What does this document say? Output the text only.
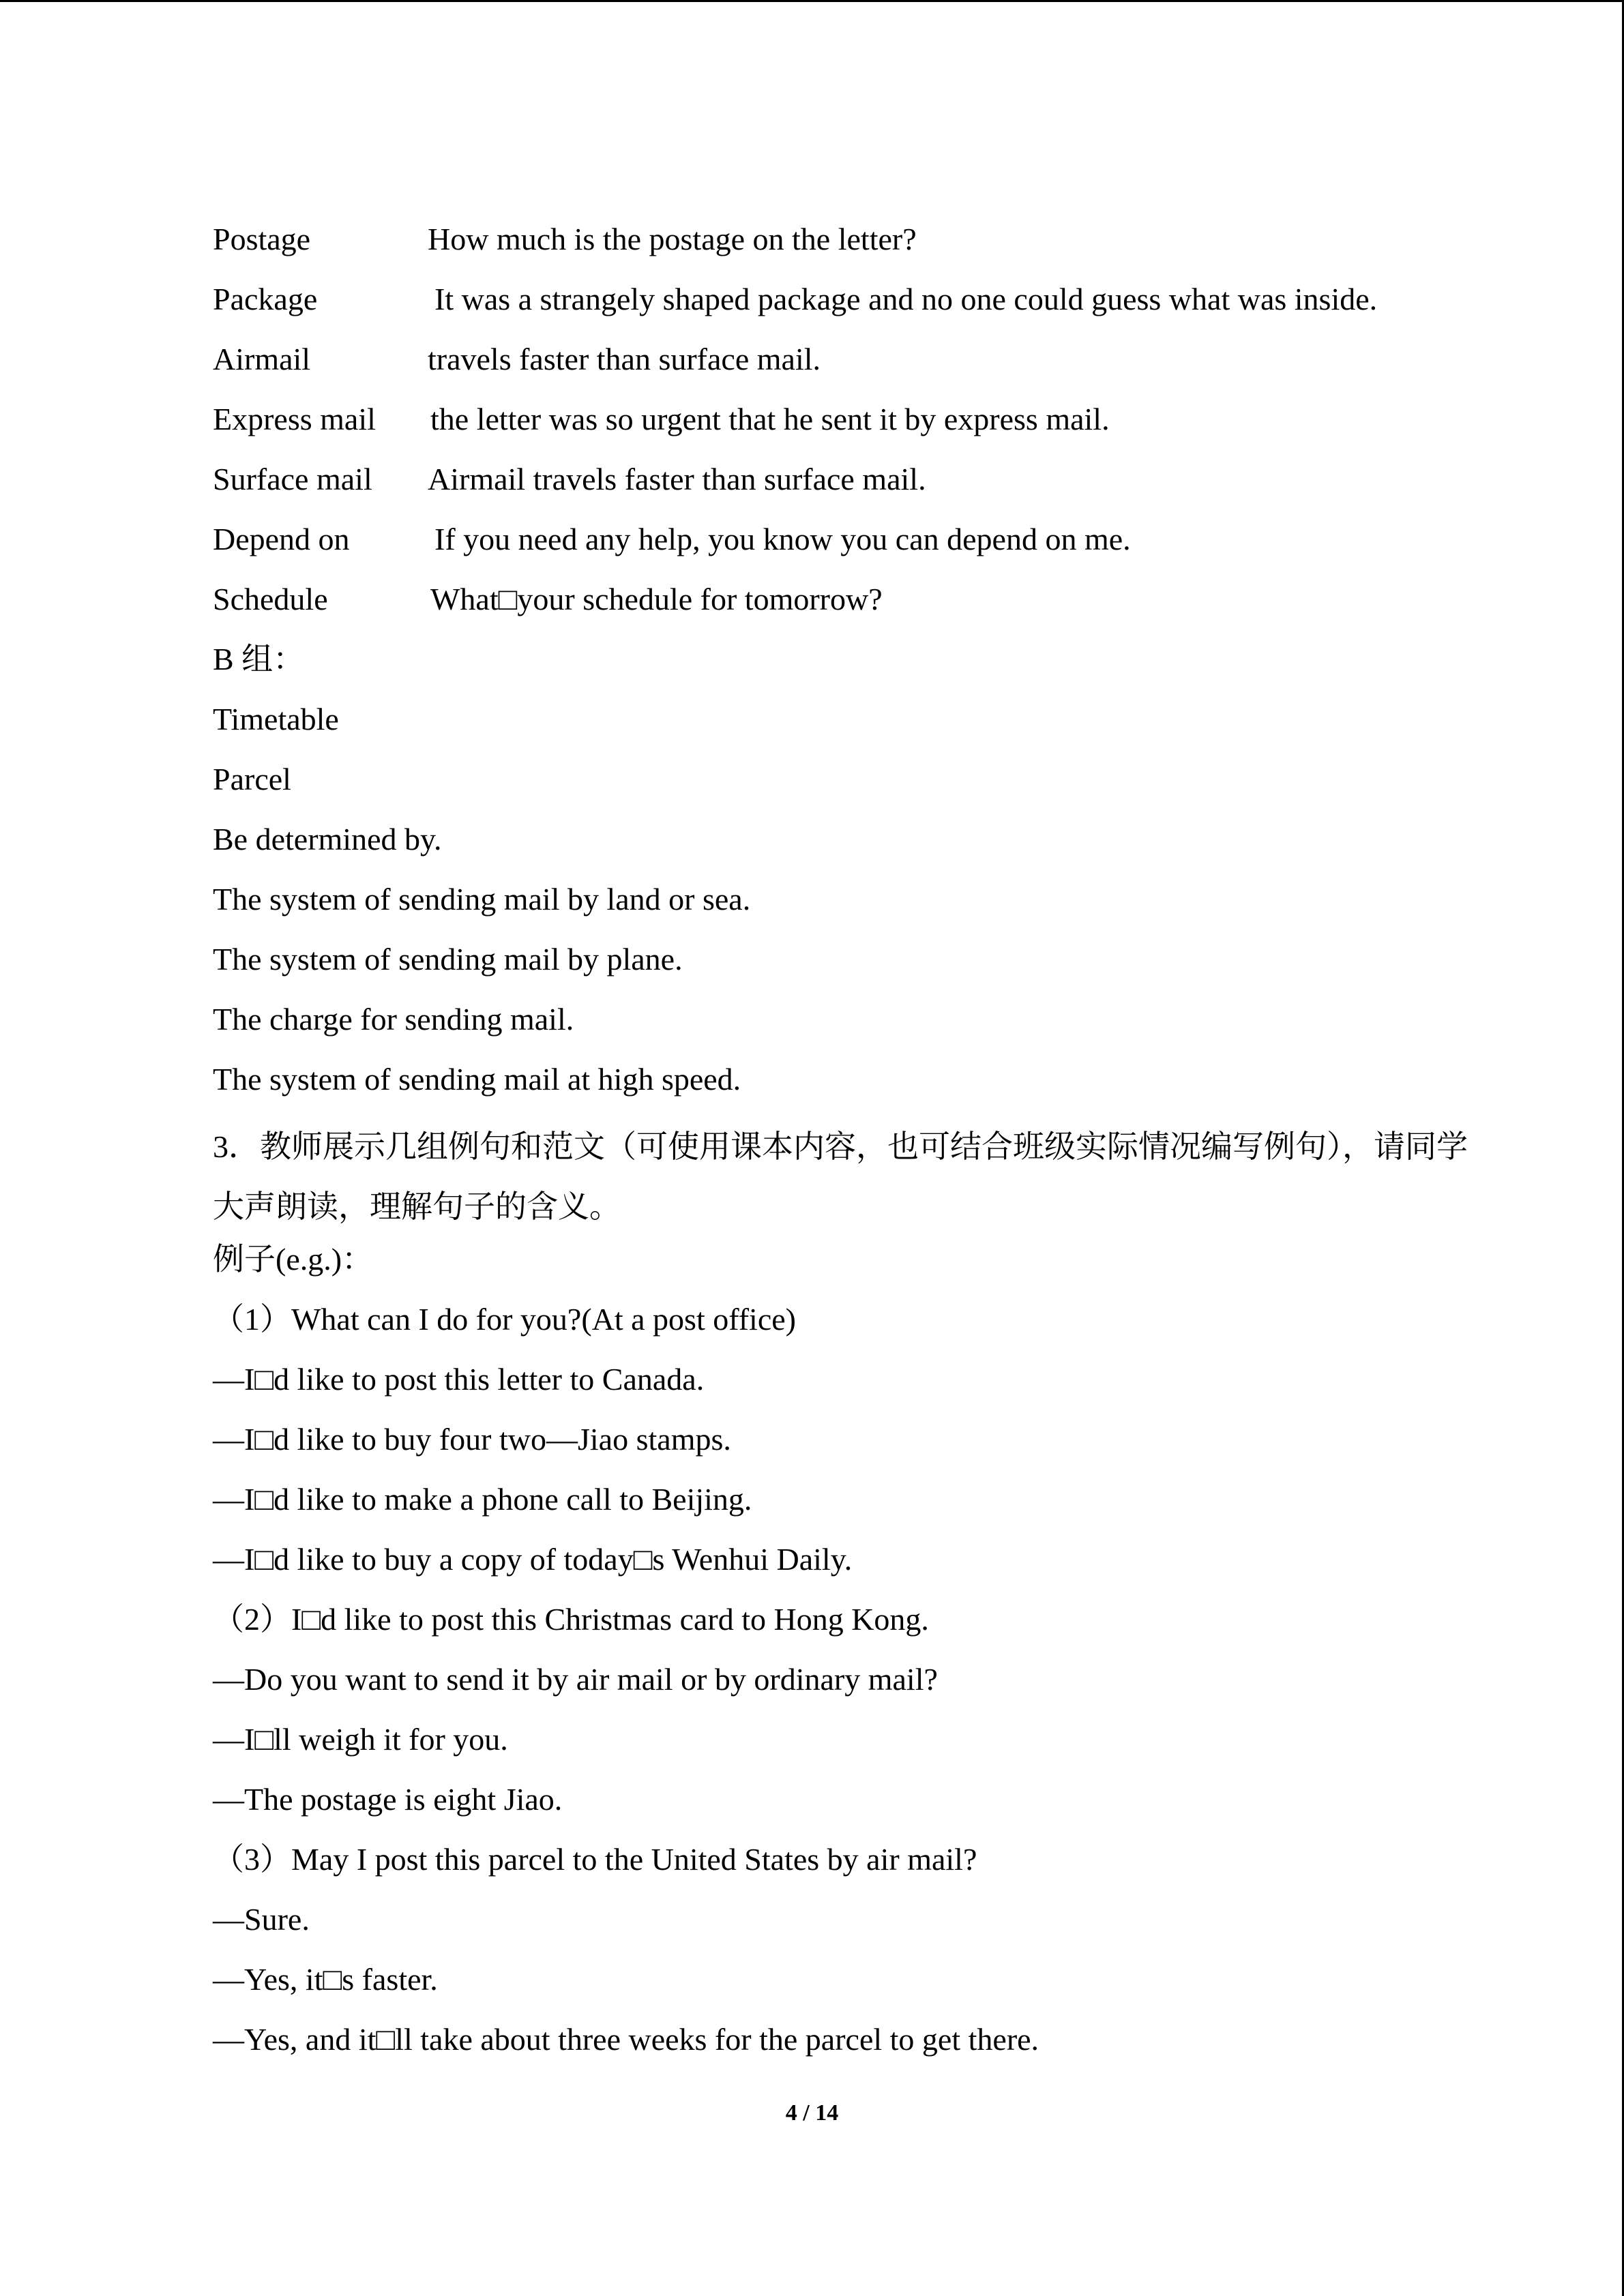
Postage	How much is the postage on the letter?
Package	It was a strangely shaped package and no one could guess what was inside.
Airmail	travels faster than surface mail.
Express mail	the letter was so urgent that he sent it by express mail.
Surface mail	Airmail travels faster than surface mail.
Depend on	If you need any help, you know you can depend on me.
Schedule	What□your schedule for tomorrow?
B 组：
Timetable
Parcel
Be determined by.
The system of sending mail by land or sea.
The system of sending mail by plane.
The charge for sending mail.
The system of sending mail at high speed.
3．教师展示几组例句和范文（可使用课本内容，也可结合班级实际情况编写例句），请同学大声朗读，理解句子的含义。
例子(e.g.)：
（1）What can I do for you?(At a post office)
—I□d like to post this letter to Canada.
—I□d like to buy four two—Jiao stamps.
—I□d like to make a phone call to Beijing.
—I□d like to buy a copy of today□s Wenhui Daily.
（2）I□d like to post this Christmas card to Hong Kong.
—Do you want to send it by air mail or by ordinary mail?
—I□ll weigh it for you.
—The postage is eight Jiao.
（3）May I post this parcel to the United States by air mail?
—Sure.
—Yes, it□s faster.
—Yes, and it□ll take about three weeks for the parcel to get there.
4 / 14
